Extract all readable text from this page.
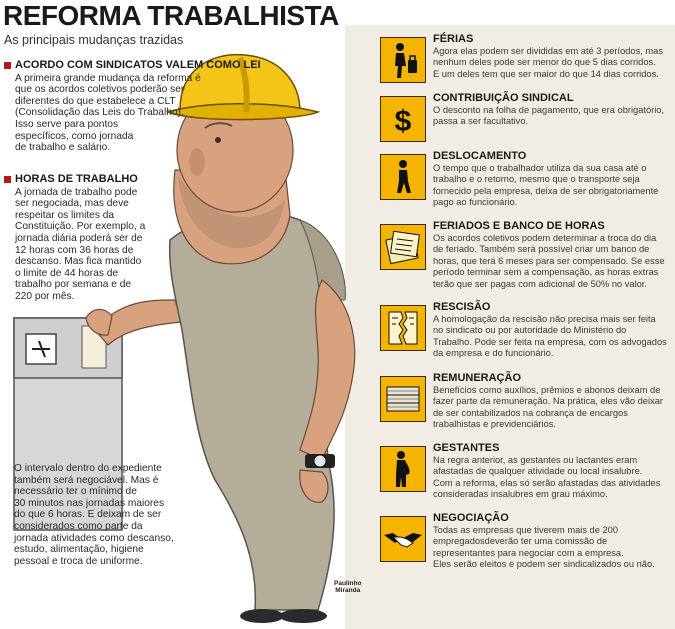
REFORMA TRABALHISTA
As principais mudanças trazidas
ACORDO COM SINDICATOS VALEM COMO LEI
A primeira grande mudança da reforma é
que os acordos coletivos poderão ser
diferentes do que estabelece a CLT
(Consolidação das Leis do Trabalho).
Isso serve para pontos
específicos, como jornada
de trabalho e salário.
HORAS DE TRABALHO
A jornada de trabalho pode
ser negociada, mas deve
respeitar os limites da
Constituição. Por exemplo, a
jornada diária poderá ser de
12 horas com 36 horas de
descanso. Mas fica mantido
o limite de 44 horas de
trabalho por semana e de
220 por mês.
O intervalo dentro do expediente
também será negociável. Mas é
necessário ter o mínimo de
30 minutos nas jornadas maiores
do que 6 horas. E deixam de ser
considerados como parte da
jornada atividades como descanso,
estudo, alimentação, higiene
pessoal e troca de uniforme.
FÉRIAS
Agora elas podem ser divididas em até 3 períodos, mas
nenhum deles pode ser menor do que 5 dias corridos.
E um deles tem que ser maior do que 14 dias corridos.
$
CONTRIBUIÇÃO SINDICAL
O desconto na folha de pagamento, que era obrigatório,
passa a ser facultativo.
DESLOCAMENTO
O tempo que o trabalhador utiliza da sua casa até o
trabalho e o retorno, mesmo que o transporte seja
fornecido pela empresa, deixa de ser obrigatoriamente
pago ao funcionário.
FERIADOS E BANCO DE HORAS
Os acordos coletivos podem determinar a troca do dia
de feriado. Também será possível criar um banco de
horas, que terá 6 meses para ser compensado. Se esse
período terminar sem a compensação, as horas extras
terão que ser pagas com adicional de 50% no valor.
RESCISÃO
A homologação da rescisão não precisa mais ser feita
no sindicato ou por autoridade do Ministério do
Trabalho. Pode ser feita na empresa, com os advogados
da empresa e do funcionário.
REMUNERAÇÃO
Benefícios como auxílios, prêmios e abonos deixam de
fazer parte da remuneração. Na prática, eles vão deixar
de ser contabilizados na cobrança de encargos
trabalhistas e previdenciários.
GESTANTES
Na regra anterior, as gestantes ou lactantes eram
afastadas de qualquer atividade ou local insalubre.
Com a reforma, elas só serão afastadas das atividades
consideradas insalubres em grau máximo.
NEGOCIAÇÃO
Todas as empresas que tiverem mais de 200
empregadosdeverão ter uma comissão de
representantes para negociar com a empresa.
Eles serão eleitos e podem ser sindicalizados ou não.
Paulinho
Miranda
